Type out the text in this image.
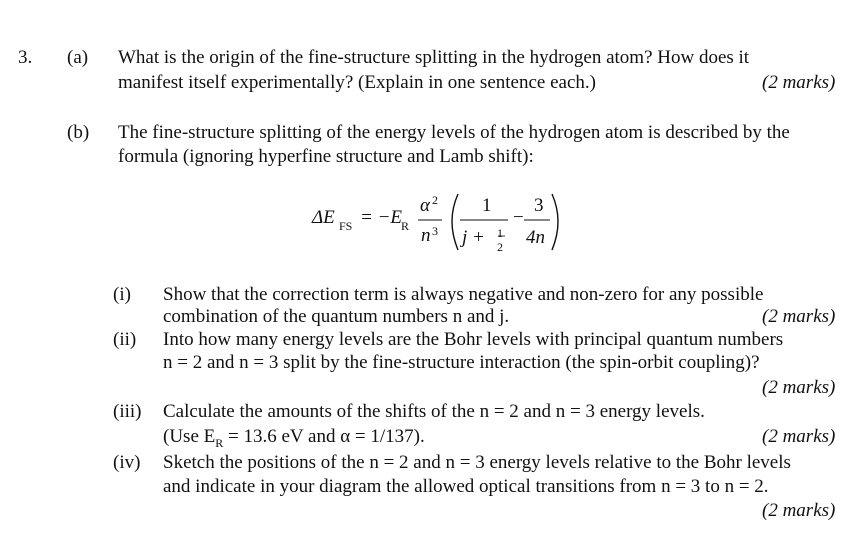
3. (a) What is the origin of the fine-structure splitting in the hydrogen atom? How does it
manifest itself experimentally? (Explain in one sentence each.)	(2 marks)
(b) The fine-structure splitting of the energy levels of the hydrogen atom is described by the
formula (ignoring hyperfine structure and Lamb shift):
ΔE FS = −E R
α 2
n 3
1
j + 1
2
−
3
4n
(i) Show that the correction term is always negative and non-zero for any possible
combination of the quantum numbers n and j.	(2 marks)
(ii) Into how many energy levels are the Bohr levels with principal quantum numbers
n = 2 and n = 3 split by the fine-structure interaction (the spin-orbit coupling)?
(2 marks)
(iii) Calculate the amounts of the shifts of the n = 2 and n = 3 energy levels.
(Use $E_R = 13.6$ eV and α = 1/137).	(2 marks)
(iv) Sketch the positions of the n = 2 and n = 3 energy levels relative to the Bohr levels
and indicate in your diagram the allowed optical transitions from n = 3 to n = 2.
(2 marks)
